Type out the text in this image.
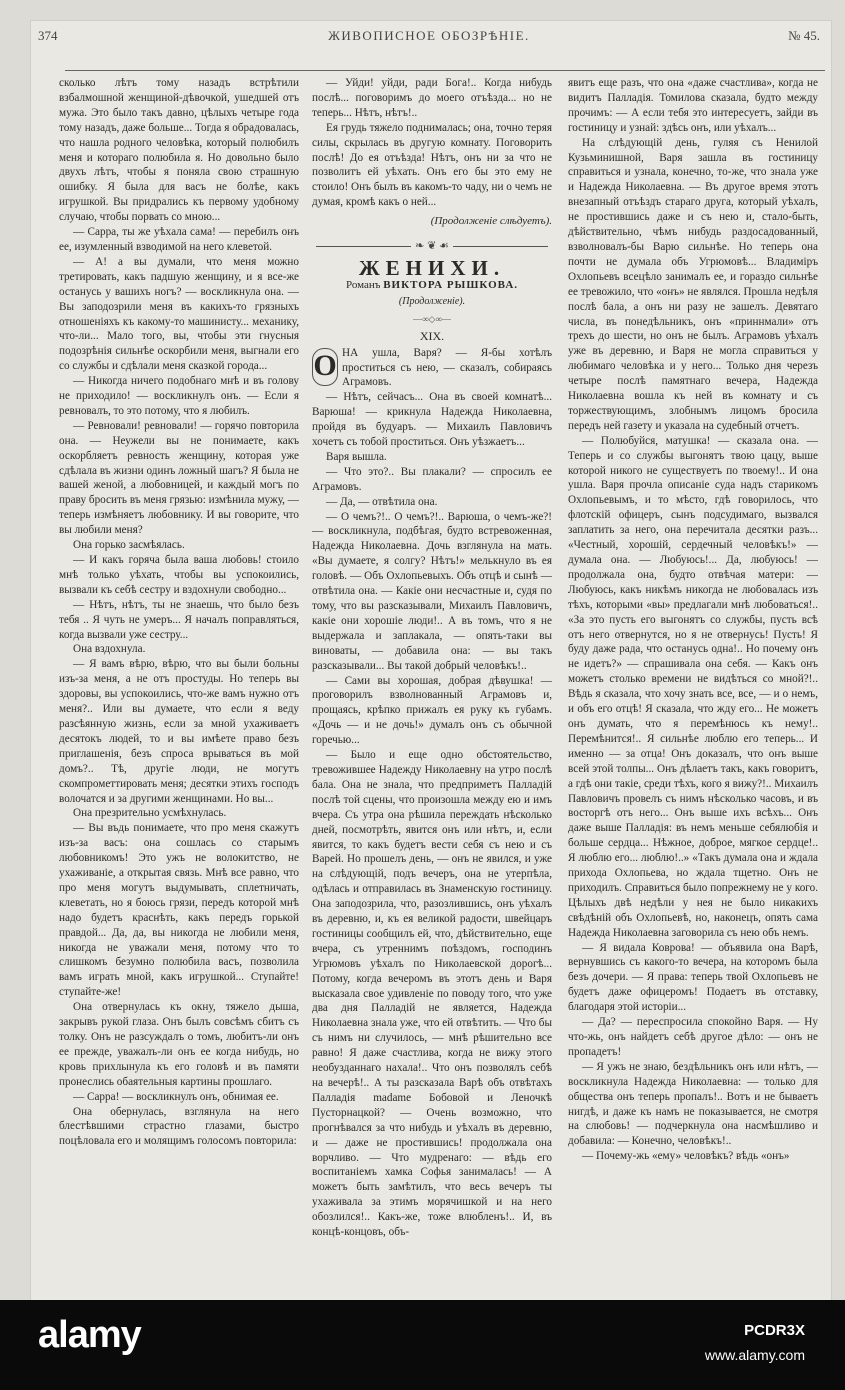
374	ЖИВОПИСНОЕ ОБОЗРѢНІЕ.	№ 45.

сколько лѣтъ тому назадъ встрѣтили взбалмошной женщиной-дѣвочкой, ушедшей отъ мужа. Это было такъ давно, цѣлыхъ четыре года тому назадъ, даже больше... Тогда я обрадовалась, что нашла родного человѣка, который полюбилъ меня и котораго полюбила я. Но довольно было двухъ лѣтъ, чтобы я поняла свою страшную ошибку. Я была для васъ не болѣе, какъ игрушкой. Вы придрались къ первому удобному случаю, чтобы порвать со мною...

— Сарра, ты же уѣхала сама! — перебилъ онъ ее, изумленный взводимой на него клеветой.

— А! а вы думали, что меня можно третировать, какъ падшую женщину, и я все-же останусь у вашихъ ногъ? — воскликнула она. — Вы заподозрили меня въ какихъ-то грязныхъ отношеніяхъ къ какому-то машинисту... механику, что-ли... Мало того, вы, чтобы эти гнусныя подозрѣнія сильнѣе оскорбили меня, выгнали его со службы и сдѣлали меня сказкой города...

— Никогда ничего подобнаго мнѣ и въ голову не приходило! — воскликнулъ онъ. — Если я ревновалъ, то это потому, что я любилъ.

— Ревновали! ревновали! — горячо повторила она. — Неужели вы не понимаете, какъ оскорбляетъ ревность женщину, которая уже сдѣлала въ жизни одинъ ложный шагъ? Я была не вашей женой, а любовницей, и каждый могъ по праву бросить въ меня грязью: измѣнила мужу, — теперь измѣняетъ любовнику. И вы говорите, что вы любили меня?

Она горько засмѣялась.

— И какъ горяча была ваша любовь! стоило мнѣ только уѣхать, чтобы вы успокоились, вызвали къ себѣ сестру и вздохнули свободно...

— Нѣтъ, нѣтъ, ты не знаешь, что было безъ тебя .. Я чуть не умеръ... Я началъ поправляться, когда вызвали уже сестру...

Она вздохнула.

— Я вамъ вѣрю, вѣрю, что вы были больны изъ-за меня, а не отъ простуды. Но теперь вы здоровы, вы успокоились, что-же вамъ нужно отъ меня?.. Или вы думаете, что если я веду разсѣянную жизнь, если за мной ухаживаетъ десятокъ людей, то и вы имѣете право безъ приглашенія, безъ спроса врываться въ мой домъ?.. Тѣ, другіе люди, не могутъ скомпрометтировать меня; десятки этихъ господъ волочатся и за другими женщинами. Но вы...

Она презрительно усмѣхнулась.

— Вы въдь понимаете, что про меня скажутъ изъ-за васъ: она сошлась со старымъ любовникомъ! Это ужъ не волокитство, не ухаживаніе, а открытая связь. Мнѣ все равно, что про меня могутъ выдумывать, сплетничать, клеветать, но я боюсь грязи, передъ которой мнѣ надо будетъ краснѣть, какъ передъ горькой правдой... Да, да, вы никогда не любили меня, никогда не уважали меня, потому что то слишкомъ безумно полюбила васъ, позволила вамъ играть мной, какъ игрушкой... Ступайте! ступайте-же!

Она отвернулась къ окну, тяжело дыша, закрывъ рукой глаза. Онъ былъ совсѣмъ сбитъ съ толку. Онъ не разсуждалъ о томъ, любитъ-ли онъ ее прежде, уважалъ-ли онъ ее когда нибудь, но кровь прихлынула къ его головѣ и въ памяти пронеслись обаятельныя картины прошлаго.

— Сарра! — воскликнулъ онъ, обнимая ее.

Она обернулась, взглянула на него блестѣвшими страстно глазами, быстро поцѣловала его и молящимъ голосомъ повторила:

— Уйди! уйди, ради Бога!.. Когда нибудь послѣ... поговоримъ до моего отъѣзда... но не теперь... Нѣтъ, нѣтъ!..

Ея грудь тяжело поднималась; она, точно теряя силы, скрылась въ другую комнату. Поговорить послѣ! До ея отъѣзда! Нѣтъ, онъ ни за что не позволитъ ей уѣхать. Онъ его бы это ему не стоило! Онъ былъ въ какомъ-то чаду, ни о чемъ не думая, кромѣ какъ о ней...

(Продолженіе слѣдуетъ).
❧ ❦ ☙
ЖЕНИХИ.
Романъ ВИКТОРА РЫШКОВА.
(Продолженіе).
—∞◇∞—
XIX.

О НА ушла, Варя? — Я-бы хотѣлъ проститься съ нею, — сказалъ, собираясь Аграмовъ.

— Нѣтъ, сейчасъ... Она въ своей комнатѣ... Варюша! — крикнула Надежда Николаевна, пройдя въ будуаръ. — Михаилъ Павловичъ хочетъ съ тобой проститься. Онъ уѣзжаетъ...

Варя вышла.

— Что это?.. Вы плакали? — спросилъ ее Аграмовъ.

— Да, — отвѣтила она.

— О чемъ?!.. О чемъ?!.. Варюша, о чемъ-же?! — воскликнула, подбѣгая, будто встревоженная, Надежда Николаевна. Дочь взглянула на мать. «Вы думаете, я солгу? Нѣтъ!» мелькнуло въ ея головѣ. — Объ Охлопьевыхъ. Объ отцѣ и сынѣ — отвѣтила она. — Какіе они несчастные и, судя по тому, что вы разсказывали, Михаилъ Павловичъ, какіе они хорошіе люди!.. А въ томъ, что я не выдержала и заплакала, — опять-таки вы виноваты, — добавила она: — вы такъ разсказывали... Вы такой добрый человѣкъ!..

— Сами вы хорошая, добрая дѣвушка! — проговорилъ взволнованный Аграмовъ и, прощаясь, крѣпко прижалъ ея руку къ губамъ. «Дочь — и не дочь!» думалъ онъ съ обычной горечью...

— Было и еще одно обстоятельство, тревожившее Надежду Николаевну на утро послѣ бала. Она не знала, что предприметъ Палладій послѣ той сцены, что произошла между ею и имъ вчера. Съ утра она рѣшила переждать нѣсколько дней, посмотрѣть, явится онъ или нѣтъ, и, если явится, то какъ будетъ вести себя съ нею и съ Варей. Но прошелъ день, — онъ не явился, и уже на слѣдующій, подъ вечеръ, она не утерпѣла, одѣлась и отправилась въ Знаменскую гостиницу. Она заподозрила, что, разозлившись, онъ уѣхалъ въ деревню, и, къ ея великой радости, швейцаръ гостиницы сообщилъ ей, что, дѣйствительно, еще вчера, съ утреннимъ поѣздомъ, господинъ Угрюмовъ уѣхалъ по Николаевской дорогѣ... Потому, когда вечеромъ въ этотъ день и Варя высказала свое удивленіе по поводу того, что уже два дня Палладій не является, Надежда Николаевна знала уже, что ей отвѣтить. — Что бы съ нимъ ни случилось, — мнѣ рѣшительно все равно! Я даже счастлива, когда не вижу этого необузданнаго нахала!.. Что онъ позволялъ себѣ на вечерѣ!.. А ты разсказала Варѣ объ отвѣтахъ Палладія madame Бобовой и Леночкѣ Пусторнацкой? — Очень возможно, что прогнѣвался за что нибудь и уѣхалъ въ деревню, и — даже не простившись! продолжала она ворчливо. — Что мудренаго: — вѣдь его воспитаніемъ хамка Софья занималась! — А можетъ быть замѣтилъ, что весь вечеръ ты ухаживала за этимъ морячишкой и на него обозлился!.. Какъ-же, тоже влюбленъ!.. И, въ концѣ-концовъ, объ-

явитъ еще разъ, что она «даже счастлива», когда не видитъ Палладія. Томилова сказала, будто между прочимъ: — А если тебя это интересуетъ, зайди въ гостиницу и узнай: здѣсь онъ, или уѣхалъ...

На слѣдующій день, гуляя съ Ненилой Кузьминишной, Варя зашла въ гостиницу справиться и узнала, конечно, то-же, что знала уже и Надежда Николаевна. — Въ другое время этотъ внезапный отъѣздъ стараго друга, который уѣхалъ, не простившись даже и съ нею и, стало-быть, дѣйствительно, чѣмъ нибудь раздосадованный, взволновалъ-бы Варю сильнѣе. Но теперь она почти не думала объ Угрюмовѣ... Владиміръ Охлопьевъ всецѣло занималъ ее, и гораздо сильнѣе ее тревожило, что «онъ» не являлся. Прошла недѣля послѣ бала, а онъ ни разу не зашелъ. Девятаго числа, въ понедѣльникъ, онъ «приннмали» отъ трехъ до шести, но онъ не былъ. Аграмовъ уѣхалъ уже въ деревню, и Варя не могла справиться у любимаго человѣка и у него... Только дня черезъ четыре послѣ памятнаго вечера, Надежда Николаевна вошла къ ней въ комнату и съ торжествующимъ, злобнымъ лицомъ бросила передъ ней газету и указала на судебный отчетъ.

— Полюбуйся, матушка! — сказала она. — Теперь и со службы выгонятъ твою цацу, выше которой никого не существуетъ по твоему!.. И она ушла. Варя прочла описаніе суда надъ старикомъ Охлопьевымъ, и то мѣсто, гдѣ говорилось, что флотскій офицеръ, сынъ подсудимаго, вызвался заплатить за него, она перечитала десятки разъ... «Честный, хорошій, сердечный человѣкъ!» — думала она. — Любуюсь!... Да, любуюсь! — продолжала она, будто отвѣчая матери: — Любуюсь, какъ никѣмъ никогда не любовалась изъ тѣхъ, которыми «вы» предлагали мнѣ любоваться!.. «За это пусть его выгонятъ со службы, пусть всѣ отъ него отвернутся, но я не отвернусь! Пусть! Я буду даже рада, что останусь одна!.. Но почему онъ не идетъ?» — спрашивала она себя. — Какъ онъ можетъ столько времени не видѣться со мной?!.. Вѣдь я сказала, что хочу знать все, все, — и о немъ, и объ его отцѣ! Я сказала, что жду его... Не можетъ онъ думать, что я перемѣнюсь къ нему!.. Перемѣнится!.. Я сильнѣе люблю его теперь... И именно — за отца! Онъ доказалъ, что онъ выше всей этой толпы... Онъ дѣлаетъ такъ, какъ говоритъ, а гдѣ они такіе, среди тѣхъ, кого я вижу?!.. Михаилъ Павловичъ провелъ съ нимъ нѣсколько часовъ, и въ восторгѣ отъ него... Онъ выше ихъ всѣхъ... Онъ даже выше Палладія: въ немъ меньше себялюбія и больше сердца... Нѣжное, доброе, мягкое сердце!.. Я люблю его... люблю!..» «Такъ думала она и ждала прихода Охлопьева, но ждала тщетно. Онъ не приходилъ. Справиться было попрежнему не у кого. Цѣлыхъ двѣ недѣли у нея не было никакихъ свѣдѣній объ Охлопьевѣ, но, наконецъ, опять сама Надежда Николаевна заговорила съ нею объ немъ.

— Я видала Коврова! — объявила она Варѣ, вернувшись съ какого-то вечера, на которомъ была безъ дочери. — Я права: теперь твой Охлопьевъ не будетъ даже офицеромъ! Подаетъ въ отставку, благодаря этой исторіи...

— Да? — переспросила спокойно Варя. — Ну что-жь, онъ найдетъ себѣ другое дѣло: — онъ не пропадетъ!

— Я ужъ не знаю, бездѣльникъ онъ или нѣтъ, — воскликнула Надежда Николаевна: — только для общества онъ теперь пропалъ!.. Вотъ и не бываетъ нигдѣ, и даже къ намъ не показывается, не смотря на слюбовь! — подчеркнула она насмѣшливо и добавила: — Конечно, человѣкъ!..

— Почему-жь «ему» человѣкъ? вѣдь «онъ»

alamy	PCDR3X
www.alamy.com
